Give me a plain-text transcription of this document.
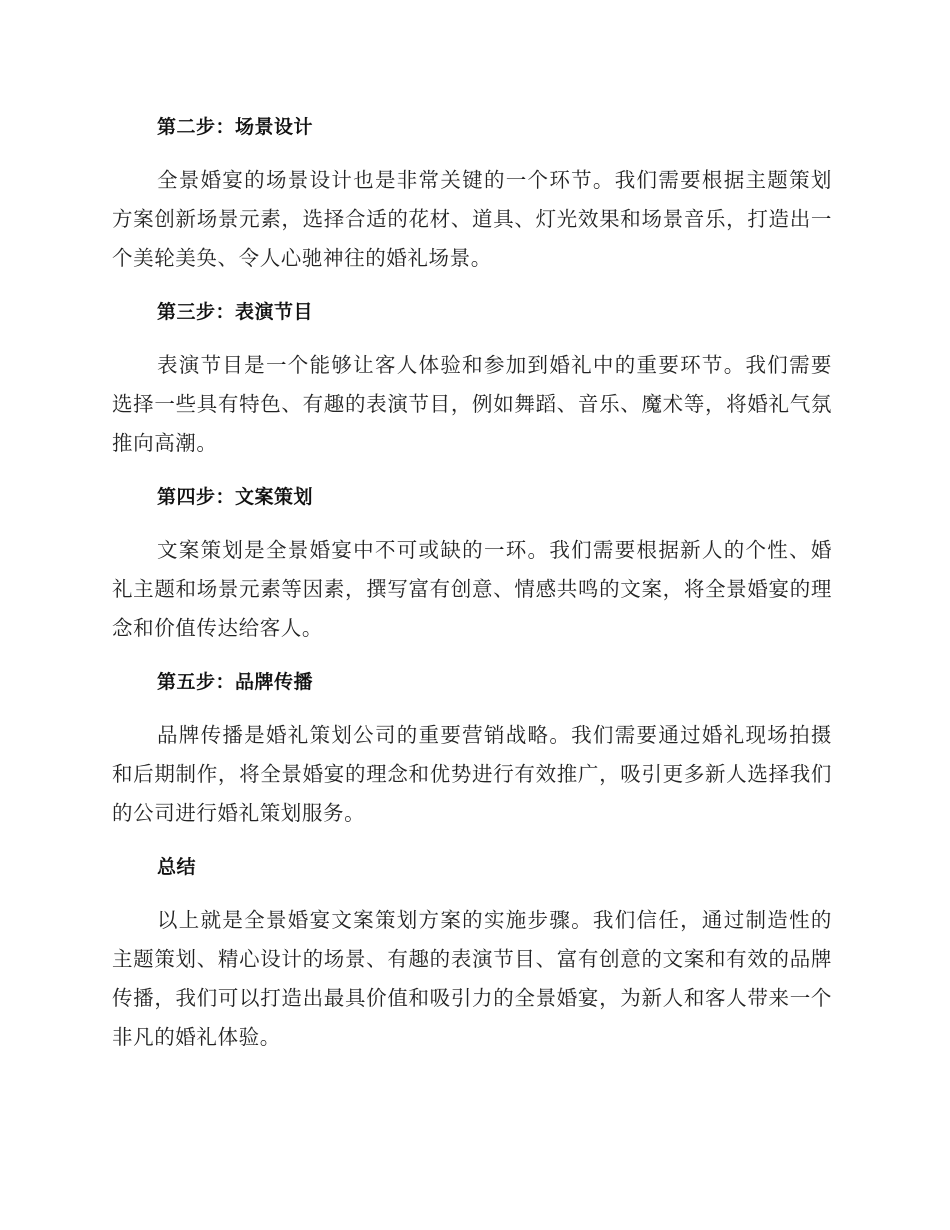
第二步：场景设计

全景婚宴的场景设计也是非常关键的一个环节。我们需要根据主题策划方案创新场景元素，选择合适的花材、道具、灯光效果和场景音乐，打造出一个美轮美奂、令人心驰神往的婚礼场景。

第三步：表演节目

表演节目是一个能够让客人体验和参加到婚礼中的重要环节。我们需要选择一些具有特色、有趣的表演节目，例如舞蹈、音乐、魔术等，将婚礼气氛推向高潮。

第四步：文案策划

文案策划是全景婚宴中不可或缺的一环。我们需要根据新人的个性、婚礼主题和场景元素等因素，撰写富有创意、情感共鸣的文案，将全景婚宴的理念和价值传达给客人。

第五步：品牌传播

品牌传播是婚礼策划公司的重要营销战略。我们需要通过婚礼现场拍摄和后期制作，将全景婚宴的理念和优势进行有效推广，吸引更多新人选择我们的公司进行婚礼策划服务。

总结

以上就是全景婚宴文案策划方案的实施步骤。我们信任，通过制造性的主题策划、精心设计的场景、有趣的表演节目、富有创意的文案和有效的品牌传播，我们可以打造出最具价值和吸引力的全景婚宴，为新人和客人带来一个非凡的婚礼体验。
